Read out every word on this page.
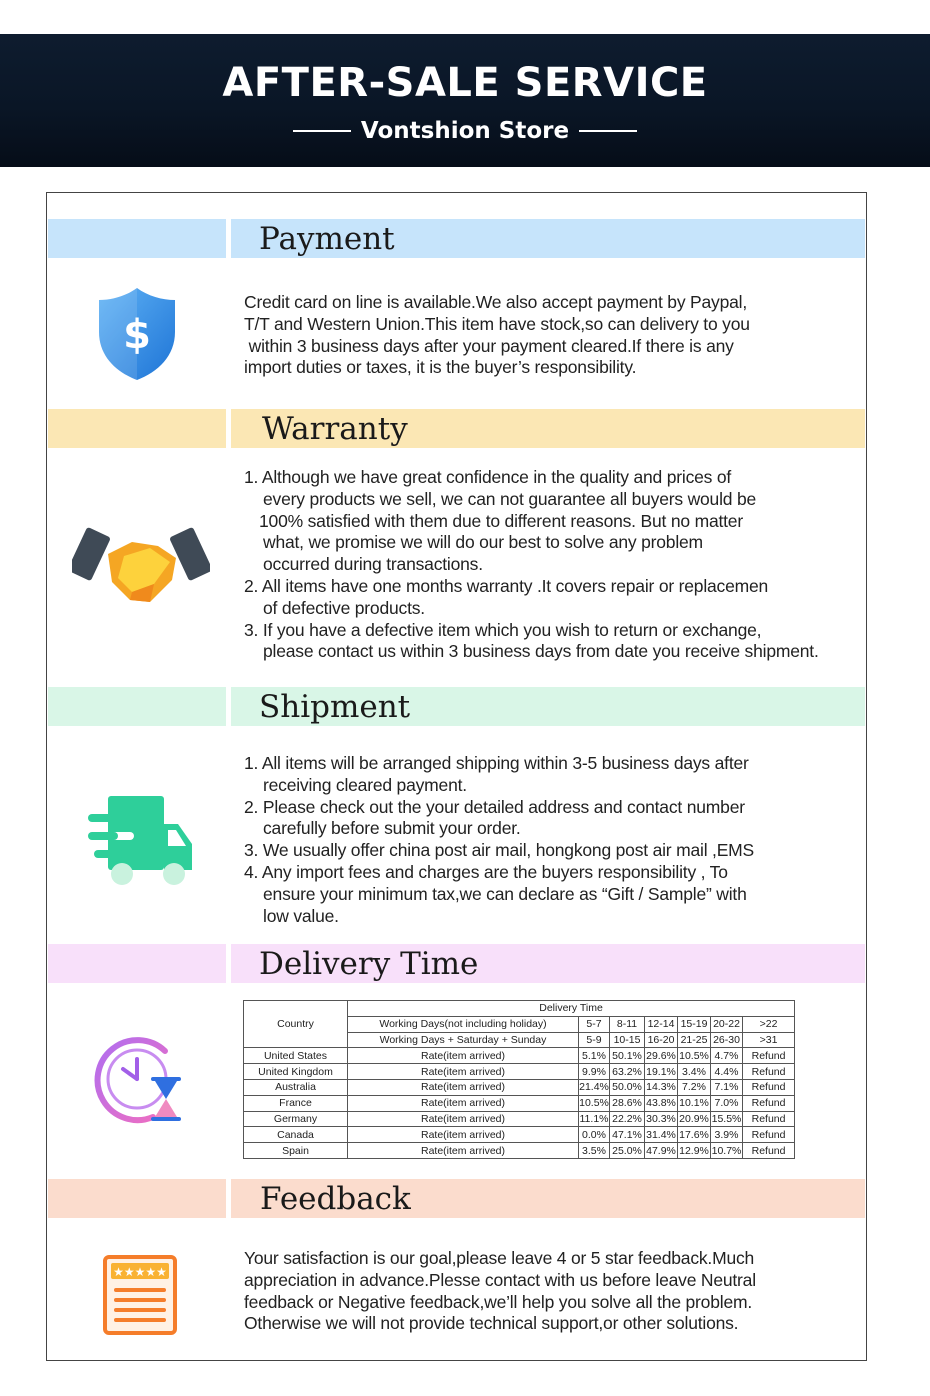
AFTER-SALE SERVICE
Vontshion Store
Payment
$

Credit card on line is available.We also accept payment by Paypal,

T/T and Western Union.This item have stock,so can delivery to you

within 3 business days after your payment cleared.If there is any

import duties or taxes, it is the buyer’s responsibility.

Warranty

1. Although we have great confidence in the quality and prices of

every products we sell, we can not guarantee all buyers would be

100% satisfied with them due to different reasons. But no matter

what, we promise we will do our best to solve any problem

occurred during transactions.

2. All items have one months warranty .It covers repair or replacemen

of defective products.

3. If you have a defective item which you wish to return or exchange,

please contact us within 3 business days from date you receive shipment.

Shipment

1. All items will be arranged shipping within 3-5 business days after

receiving cleared payment.

2. Please check out the your detailed address and contact number

carefully before submit your order.

3. We usually offer china post air mail, hongkong post air mail ,EMS

4. Any import fees and charges are the buyers responsibility , To

ensure your minimum tax,we can declare as “Gift / Sample” with

low value.

Delivery Time
Country	Delivery Time						
	Working Days(not including holiday)	5-7	8-11	12-14	15-19	20-22	>22
	Working Days + Saturday + Sunday	5-9	10-15	16-20	21-25	26-30	>31
United States	Rate(item arrived)	5.1%	50.1%	29.6%	10.5%	4.7%	Refund
United Kingdom	Rate(item arrived)	9.9%	63.2%	19.1%	3.4%	4.4%	Refund
Australia	Rate(item arrived)	21.4%	50.0%	14.3%	7.2%	7.1%	Refund
France	Rate(item arrived)	10.5%	28.6%	43.8%	10.1%	7.0%	Refund
Germany	Rate(item arrived)	11.1%	22.2%	30.3%	20.9%	15.5%	Refund
Canada	Rate(item arrived)	0.0%	47.1%	31.4%	17.6%	3.9%	Refund
Spain	Rate(item arrived)	3.5%	25.0%	47.9%	12.9%	10.7%	Refund
Feedback
★★★★★

Your satisfaction is our goal,please leave 4 or 5 star feedback.Much

appreciation in advance.Plesse contact with us before leave Neutral

feedback or Negative feedback,we’ll help you solve all the problem.

Otherwise we will not provide technical support,or other solutions.
